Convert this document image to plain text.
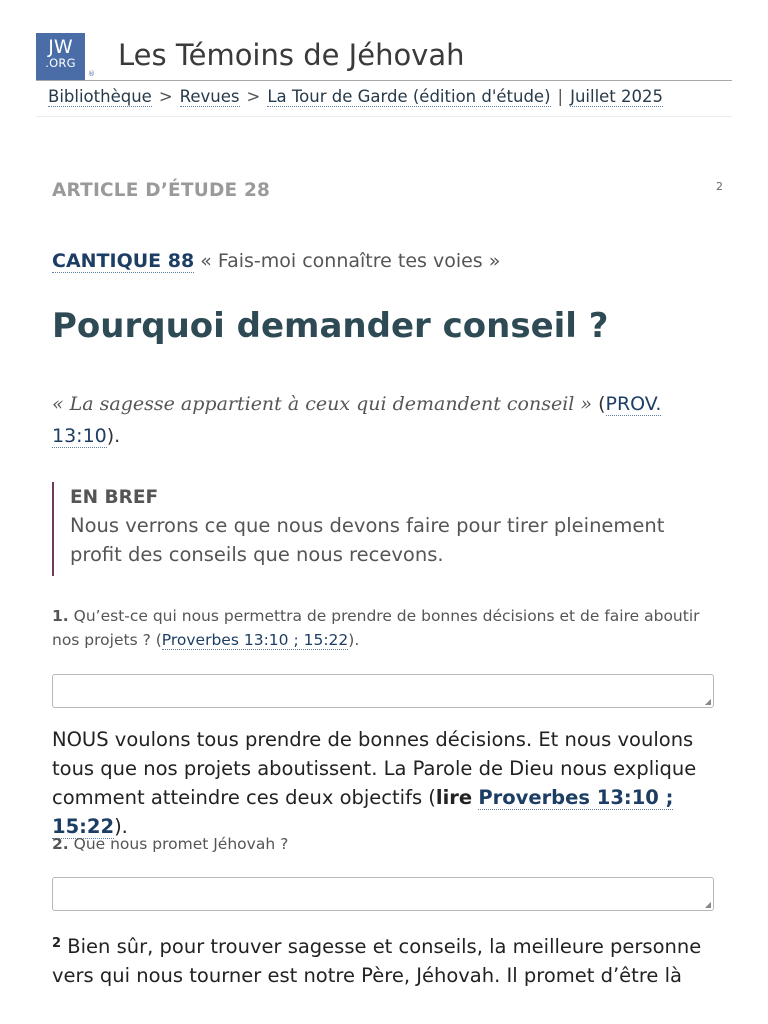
JW
.ORG
®
Les Témoins de Jéhovah
Bibliothèque > Revues > La Tour de Garde (édition d'étude) | Juillet 2025
ARTICLE D’ÉTUDE 28	2
CANTIQUE 88 « Fais-moi connaître tes voies »
Pourquoi demander conseil ?
« La sagesse appartient à ceux qui demandent conseil » (PROV. 13:10).
EN BREF
Nous verrons ce que nous devons faire pour tirer pleinement profit des conseils que nous recevons.
1. Qu’est-ce qui nous permettra de prendre de bonnes décisions et de faire aboutir nos projets ? (Proverbes 13:10 ; 15:22).
◢
NOUS voulons tous prendre de bonnes décisions. Et nous voulons tous que nos projets aboutissent. La Parole de Dieu nous explique comment atteindre ces deux objectifs (lire Proverbes 13:10 ; 15:22).
2. Que nous promet Jéhovah ?
◢
$^2$ Bien sûr, pour trouver sagesse et conseils, la meilleure personne vers qui nous tourner est notre Père, Jéhovah. Il promet d’être là
